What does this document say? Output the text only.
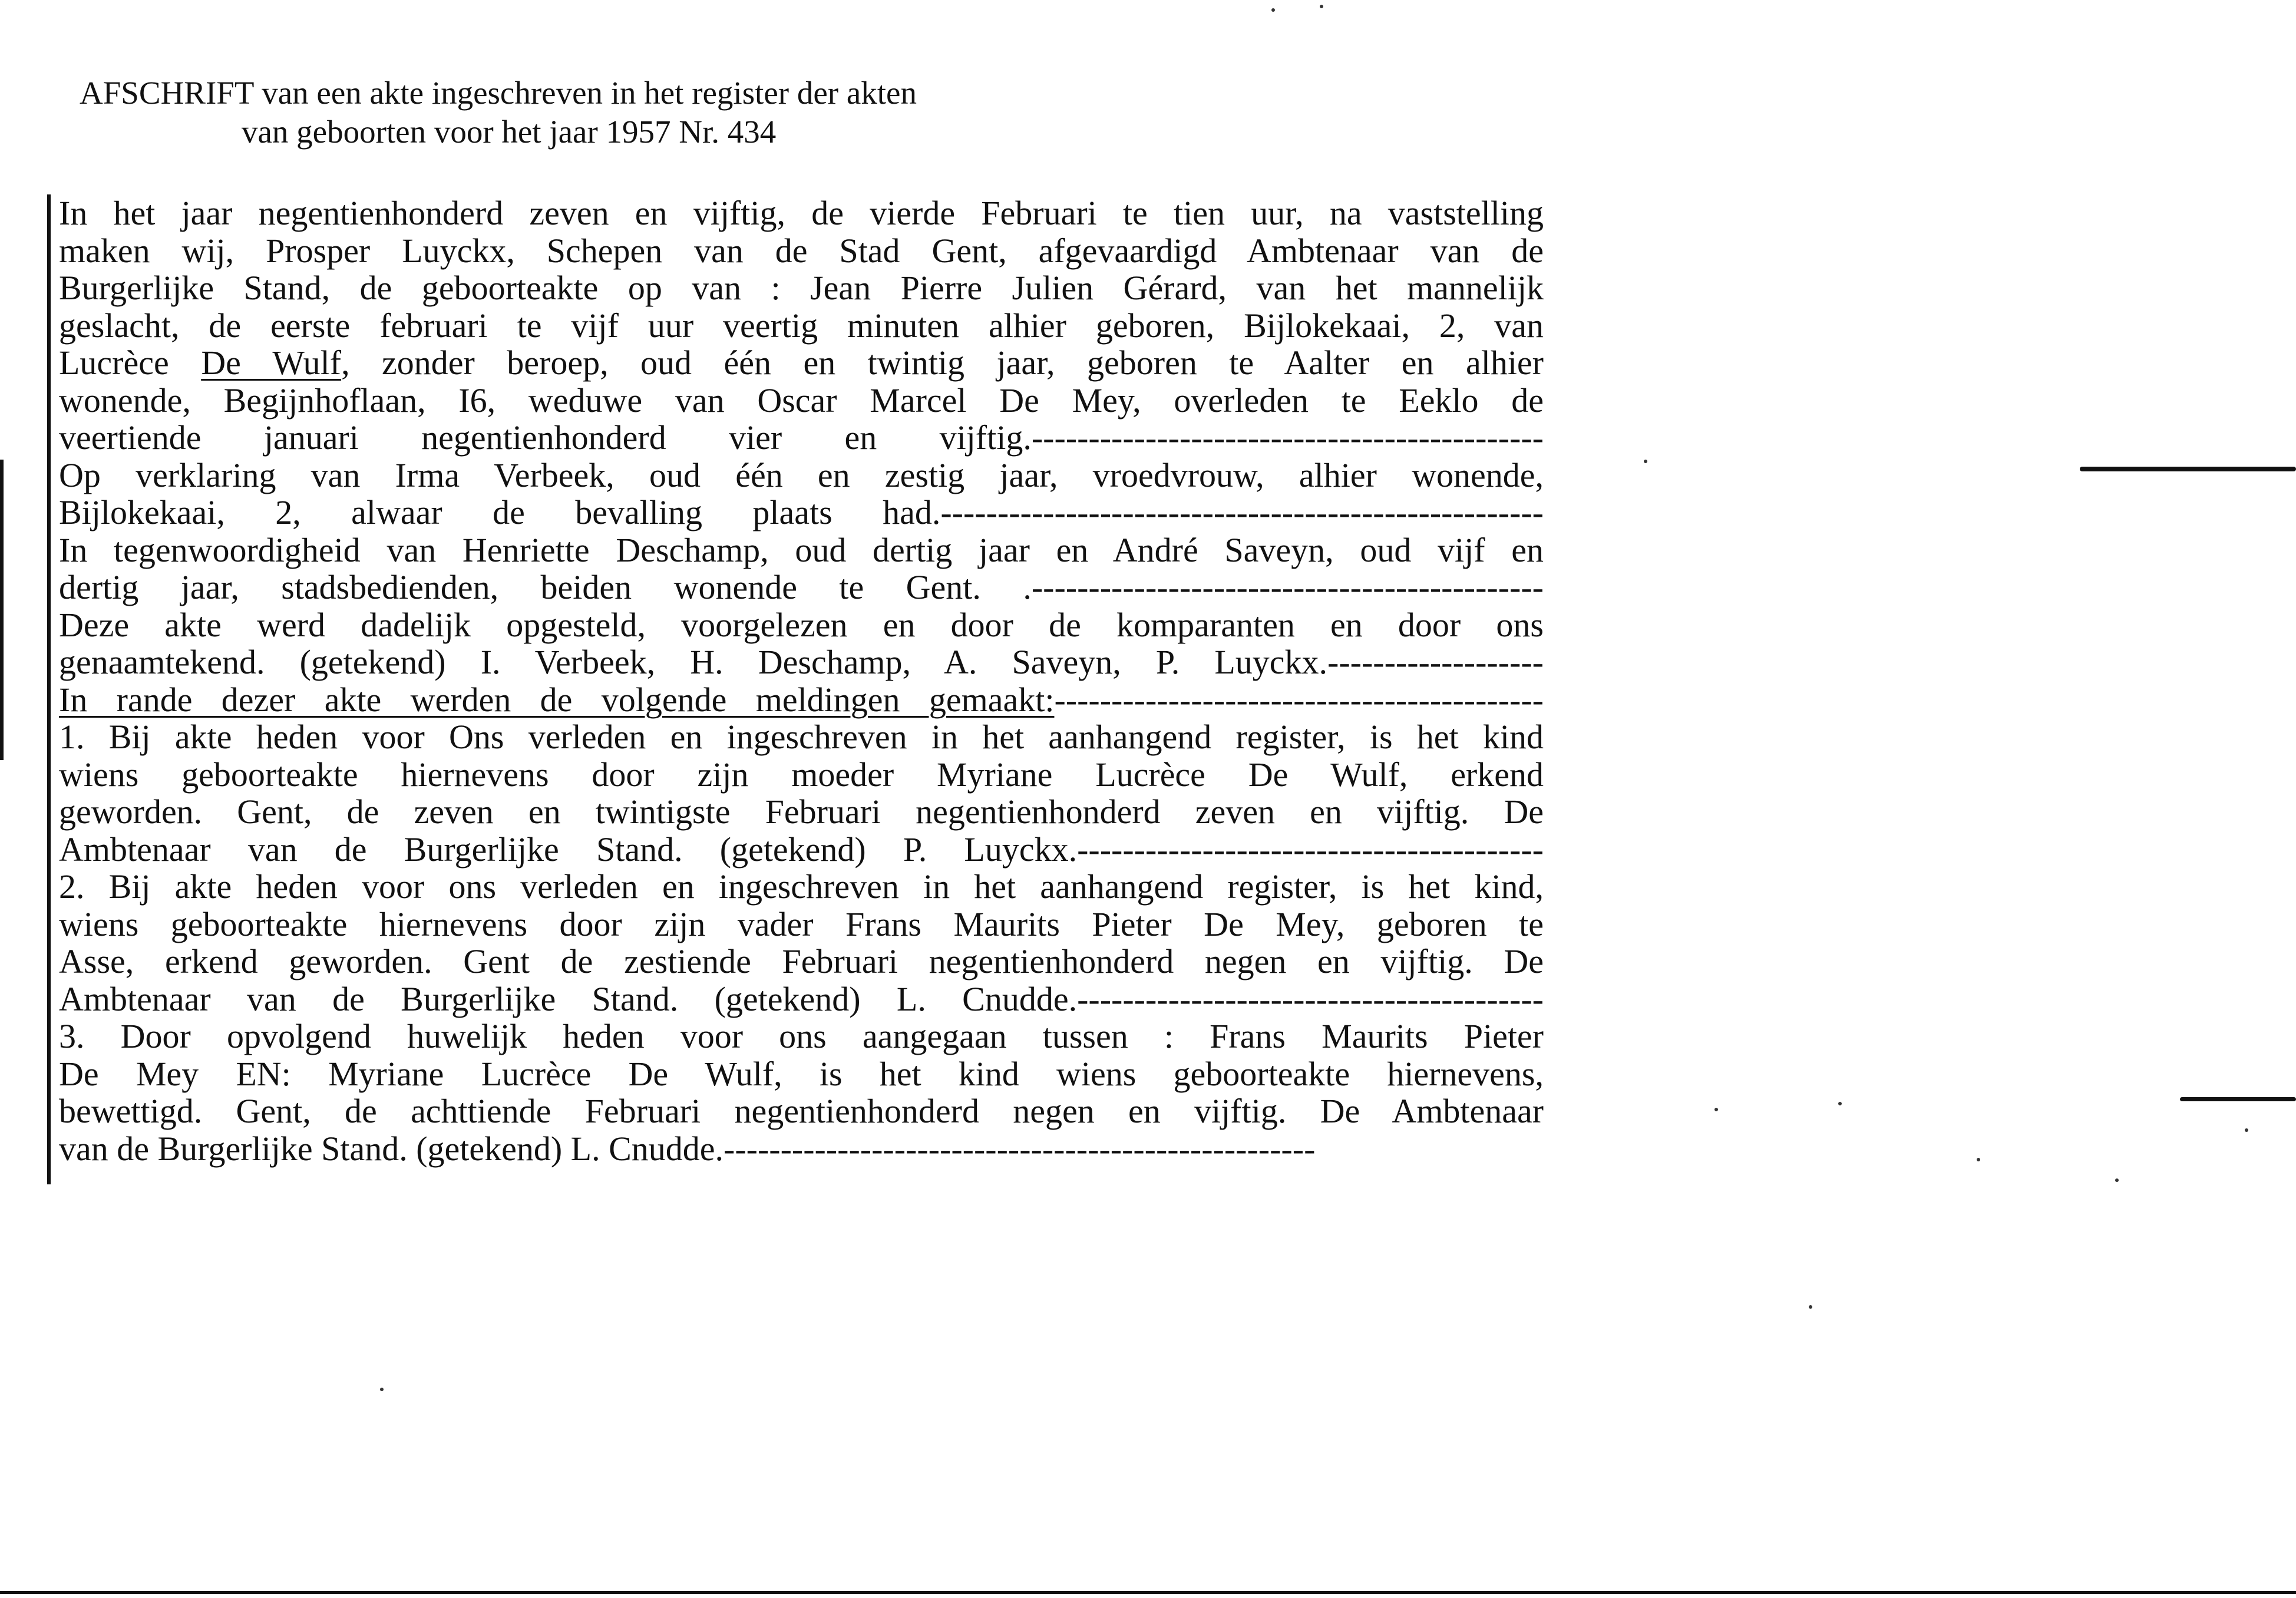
AFSCHRIFT van een akte ingeschreven in het register der akten
van geboorten voor het jaar 1957 Nr. 434
In het jaar negentienhonderd zeven en vijftig, de vierde Februari te tien uur, na vaststelling
maken wij, Prosper Luyckx, Schepen van de Stad Gent, afgevaardigd Ambtenaar van de
Burgerlijke Stand, de geboorteakte op van : Jean Pierre Julien Gérard, van het mannelijk
geslacht, de eerste februari te vijf uur veertig minuten alhier geboren, Bijlokekaai, 2, van
Lucrèce De Wulf, zonder beroep, oud één en twintig jaar, geboren te Aalter en alhier
wonende, Begijnhoflaan, I6, weduwe van Oscar Marcel De Mey, overleden te Eeklo de
veertiende januari negentienhonderd vier en vijftig.---------------------------------------------
Op verklaring van Irma Verbeek, oud één en zestig jaar, vroedvrouw, alhier wonende,
Bijlokekaai, 2, alwaar de bevalling plaats had.-----------------------------------------------------
In tegenwoordigheid van Henriette Deschamp, oud dertig jaar en André Saveyn, oud vijf en
dertig jaar, stadsbedienden, beiden wonende te Gent. .---------------------------------------------
Deze akte werd dadelijk opgesteld, voorgelezen en door de komparanten en door ons
genaamtekend. (getekend) I. Verbeek, H. Deschamp, A. Saveyn, P. Luyckx.-------------------
In rande dezer akte werden de volgende meldingen gemaakt:-------------------------------------------
1. Bij akte heden voor Ons verleden en ingeschreven in het aanhangend register, is het kind
wiens geboorteakte hiernevens door zijn moeder Myriane Lucrèce De Wulf, erkend
geworden. Gent, de zeven en twintigste Februari negentienhonderd zeven en vijftig. De
Ambtenaar van de Burgerlijke Stand. (getekend) P. Luyckx.-----------------------------------------
2. Bij akte heden voor ons verleden en ingeschreven in het aanhangend register, is het kind,
wiens geboorteakte hiernevens door zijn vader Frans Maurits Pieter De Mey, geboren te
Asse, erkend geworden. Gent de zestiende Februari negentienhonderd negen en vijftig. De
Ambtenaar van de Burgerlijke Stand. (getekend) L. Cnudde.-----------------------------------------
3. Door opvolgend huwelijk heden voor ons aangegaan tussen : Frans Maurits Pieter
De Mey EN: Myriane Lucrèce De Wulf, is het kind wiens geboorteakte hiernevens,
bewettigd. Gent, de achttiende Februari negentienhonderd negen en vijftig. De Ambtenaar
van de Burgerlijke Stand. (getekend) L. Cnudde.----------------------------------------------------
